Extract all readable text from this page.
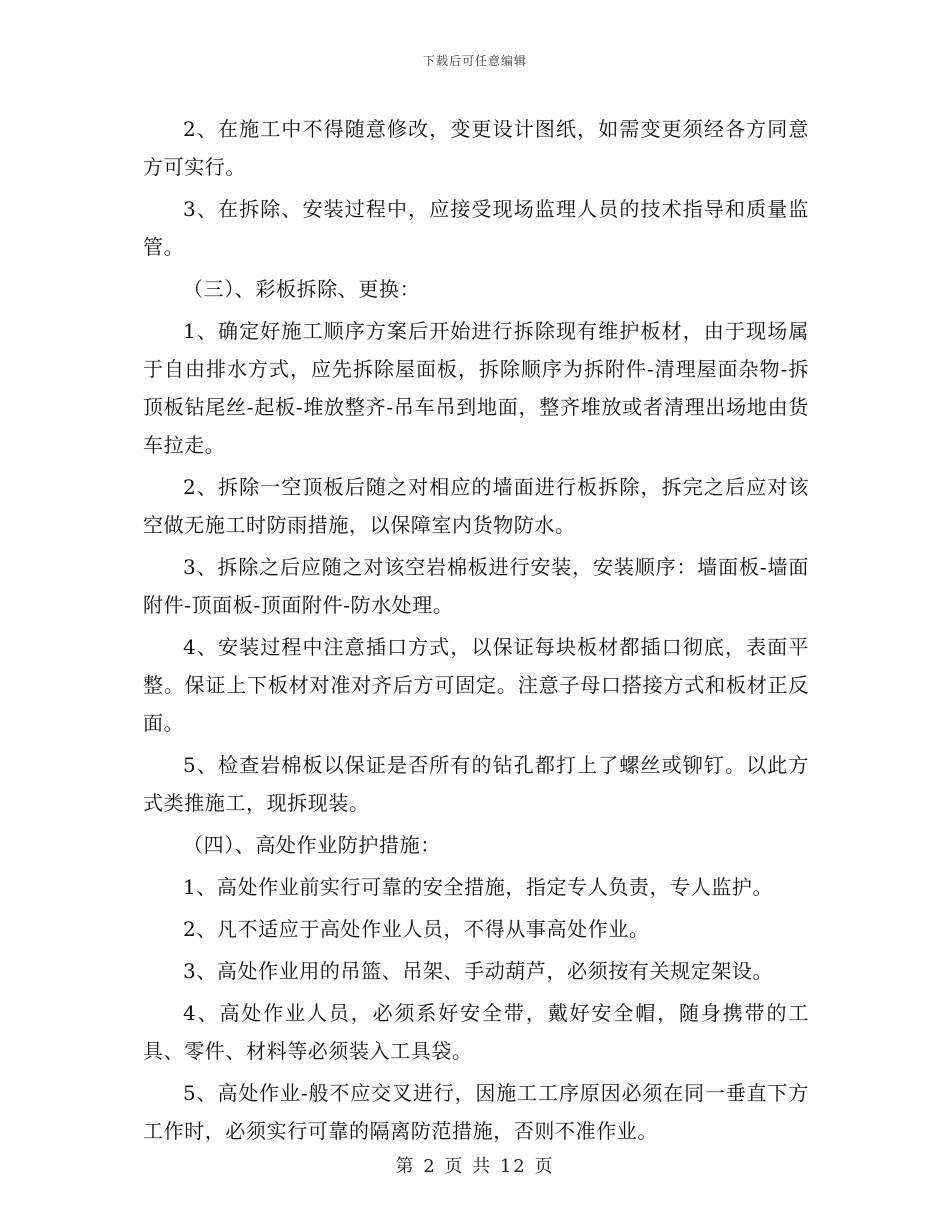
下载后可任意编辑

2、在施工中不得随意修改，变更设计图纸，如需变更须经各方同意方可实行。

3、在拆除、安装过程中，应接受现场监理人员的技术指导和质量监管。

（三）、彩板拆除、更换：

1、确定好施工顺序方案后开始进行拆除现有维护板材，由于现场属于自由排水方式，应先拆除屋面板，拆除顺序为拆附件-清理屋面杂物-拆顶板钻尾丝-起板-堆放整齐-吊车吊到地面，整齐堆放或者清理出场地由货车拉走。

2、拆除一空顶板后随之对相应的墙面进行板拆除，拆完之后应对该空做无施工时防雨措施，以保障室内货物防水。

3、拆除之后应随之对该空岩棉板进行安装，安装顺序：墙面板-墙面附件-顶面板-顶面附件-防水处理。

4、安装过程中注意插口方式，以保证每块板材都插口彻底，表面平整。保证上下板材对准对齐后方可固定。注意子母口搭接方式和板材正反面。

5、检查岩棉板以保证是否所有的钻孔都打上了螺丝或铆钉。以此方式类推施工，现拆现装。

（四）、高处作业防护措施：

1、高处作业前实行可靠的安全措施，指定专人负责，专人监护。

2、凡不适应于高处作业人员，不得从事高处作业。

3、高处作业用的吊篮、吊架、手动葫芦，必须按有关规定架设。

4、高处作业人员，必须系好安全带，戴好安全帽，随身携带的工具、零件、材料等必须装入工具袋。

5、高处作业-般不应交叉进行，因施工工序原因必须在同一垂直下方工作时，必须实行可靠的隔离防范措施，否则不准作业。

第 2 页 共 12 页
